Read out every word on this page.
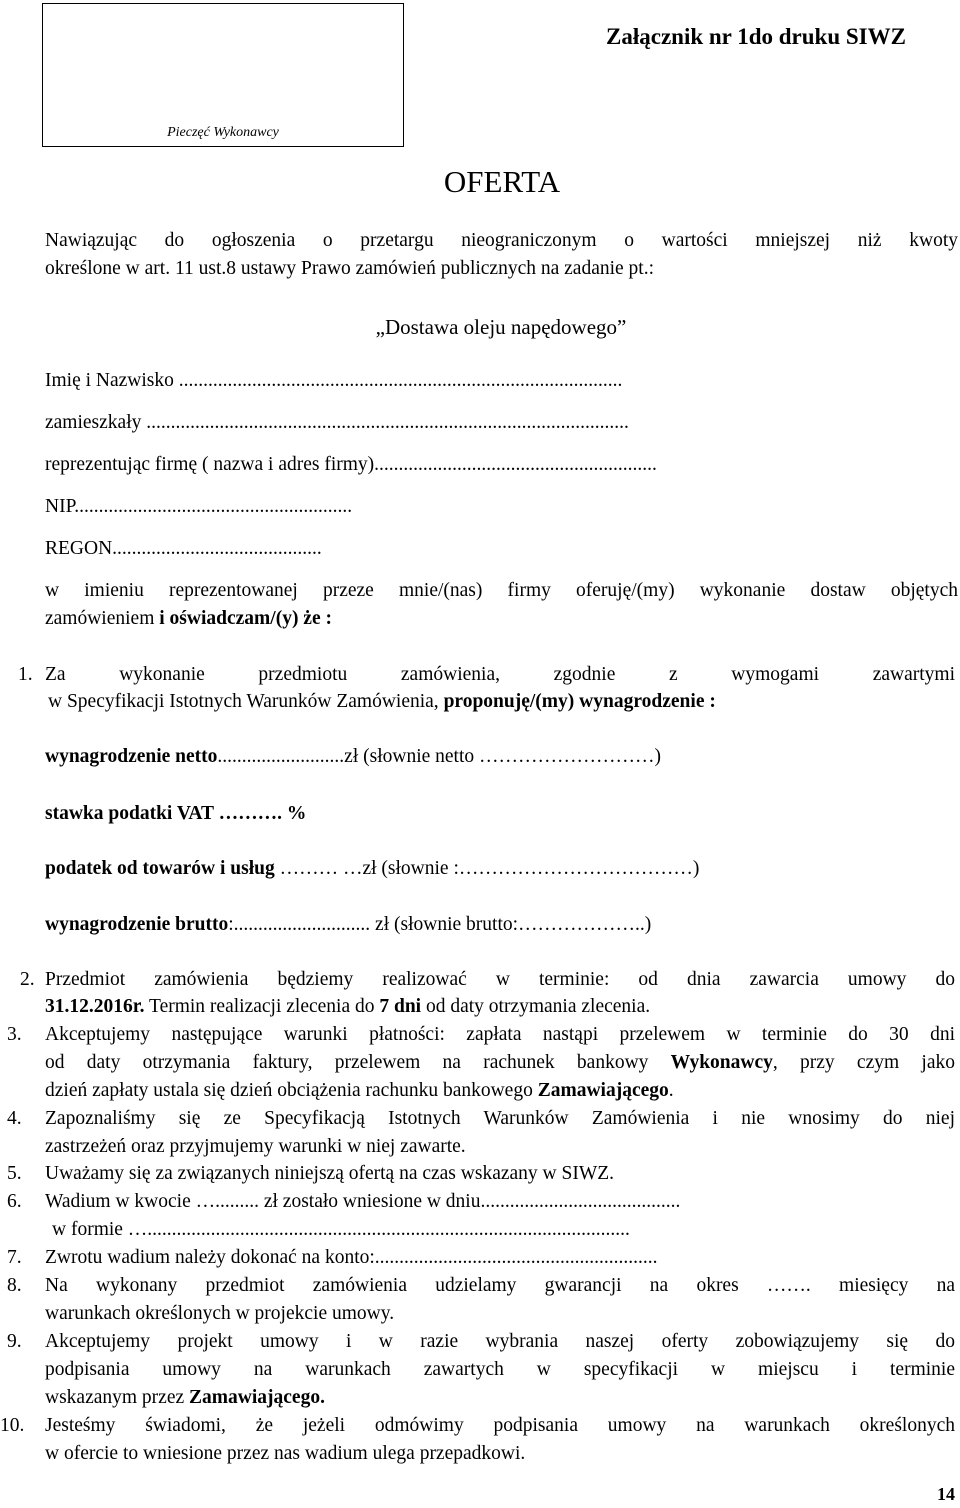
Pieczęć Wykonawcy
Załącznik nr 1do druku SIWZ
OFERTA
Nawiązując do ogłoszenia o przetargu nieograniczonym o wartości mniejszej niż kwoty
określone w art. 11 ust.8 ustawy Prawo zamówień publicznych na zadanie pt.:
„Dostawa oleju napędowego”
Imię i Nazwisko ...........................................................................................
zamieszkały ...................................................................................................
reprezentując firmę ( nazwa i adres firmy)..........................................................
NIP.........................................................
REGON...........................................
w imieniu reprezentowanej przeze mnie/(nas) firmy oferuję/(my) wykonanie dostaw objętych
zamówieniem i oświadczam/(y) że :
1. Za wykonanie przedmiotu zamówienia, zgodnie z wymogami zawartymi
w Specyfikacji Istotnych Warunków Zamówienia, proponuję/(my) wynagrodzenie :
wynagrodzenie netto..........................zł (słownie netto ………………………)
stawka podatki VAT ………. %
podatek od towarów i usług ……… …zł (słownie :………………………………)
wynagrodzenie brutto:............................ zł (słownie brutto:………………..)
2. Przedmiot zamówienia będziemy realizować w terminie: od dnia zawarcia umowy do
31.12.2016r. Termin realizacji zlecenia do 7 dni od daty otrzymania zlecenia.
3. Akceptujemy następujące warunki płatności: zapłata nastąpi przelewem w terminie do 30 dni
od daty otrzymania faktury, przelewem na rachunek bankowy Wykonawcy, przy czym jako
dzień zapłaty ustala się dzień obciążenia rachunku bankowego Zamawiającego.
4. Zapoznaliśmy się ze Specyfikacją Istotnych Warunków Zamówienia i nie wnosimy do niej
zastrzeżeń oraz przyjmujemy warunki w niej zawarte.
5. Uważamy się za związanych niniejszą ofertą na czas wskazany w SIWZ.
6. Wadium w kwocie …......... zł zostało wniesione w dniu.........................................
w formie …...................................................................................................
7. Zwrotu wadium należy dokonać na konto:..........................................................
8. Na wykonany przedmiot zamówienia udzielamy gwarancji na okres ……. miesięcy na
warunkach określonych w projekcie umowy.
9. Akceptujemy projekt umowy i w razie wybrania naszej oferty zobowiązujemy się do
podpisania umowy na warunkach zawartych w specyfikacji w miejscu i terminie
wskazanym przez Zamawiającego.
10. Jesteśmy świadomi, że jeżeli odmówimy podpisania umowy na warunkach określonych
w ofercie to wniesione przez nas wadium ulega przepadkowi.
14
